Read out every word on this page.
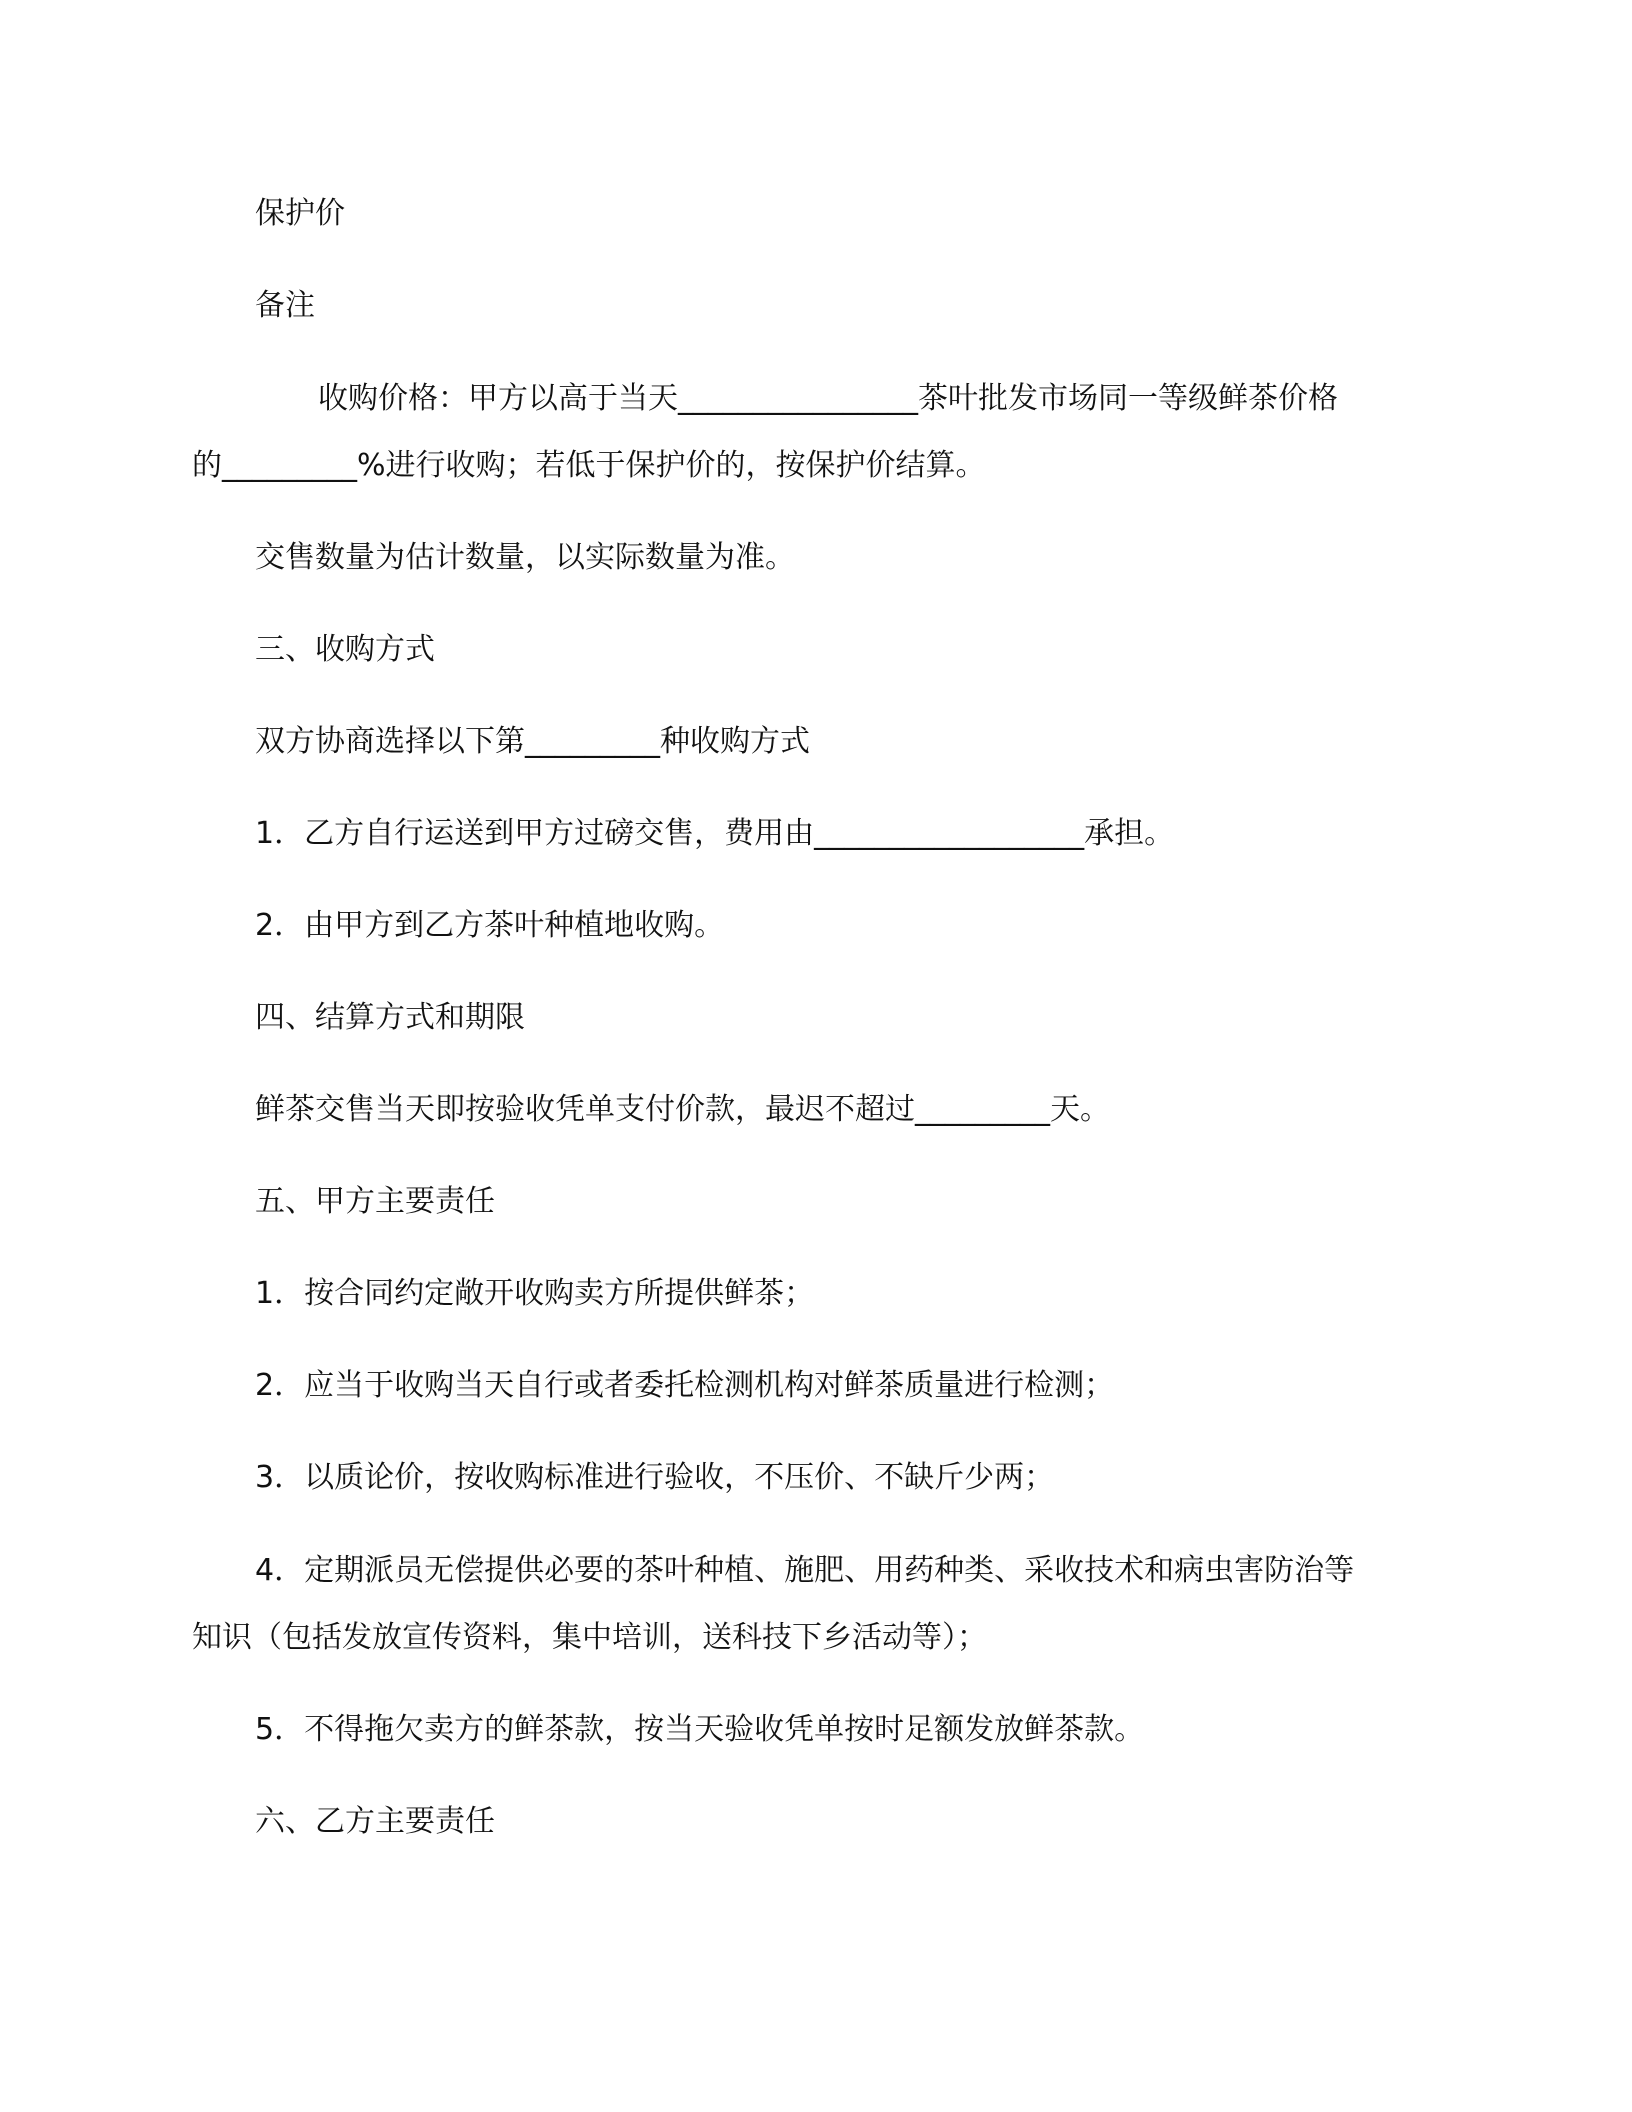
保护价

备注

收购价格：甲方以高于当天________________茶叶批发市场同一等级鲜茶价格

的_________%进行收购；若低于保护价的，按保护价结算。

交售数量为估计数量，以实际数量为准。

三、收购方式

双方协商选择以下第_________种收购方式

1．乙方自行运送到甲方过磅交售，费用由__________________承担。

2．由甲方到乙方茶叶种植地收购。

四、结算方式和期限

鲜茶交售当天即按验收凭单支付价款，最迟不超过_________天。

五、甲方主要责任

1．按合同约定敞开收购卖方所提供鲜茶；

2．应当于收购当天自行或者委托检测机构对鲜茶质量进行检测；

3．以质论价，按收购标准进行验收，不压价、不缺斤少两；

4．定期派员无偿提供必要的茶叶种植、施肥、用药种类、采收技术和病虫害防治等

知识（包括发放宣传资料，集中培训，送科技下乡活动等）；

5．不得拖欠卖方的鲜茶款，按当天验收凭单按时足额发放鲜茶款。

六、乙方主要责任
